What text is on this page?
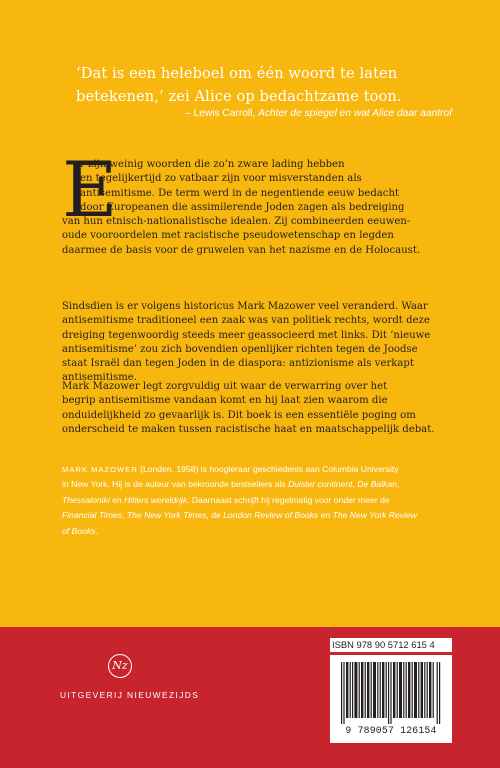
‘Dat is een heleboel om één woord te laten betekenen,’ zei Alice op bedachtzame toon.
– Lewis Carroll, Achter de spiegel en wat Alice daar aantrof
E
r zijn weinig woorden die zo’n zware lading hebben
en tegelijkertijd zo vatbaar zijn voor misverstanden als
antisemitisme. De term werd in de negentiende eeuw bedacht
door Europeanen die assimilerende Joden zagen als bedreiging
van hun etnisch-nationalistische idealen. Zij combineerden eeuwen-
oude vooroordelen met racistische pseudowetenschap en legden
daarmee de basis voor de gruwelen van het nazisme en de Holocaust.
Sindsdien is er volgens historicus Mark Mazower veel veranderd. Waar
antisemitisme traditioneel een zaak was van politiek rechts, wordt deze
dreiging tegenwoordig steeds meer geassocieerd met links. Dit ‘nieuwe
antisemitisme’ zou zich bovendien openlijker richten tegen de Joodse
staat Israël dan tegen Joden in de diaspora: antizionisme als verkapt
antisemitisme.
Mark Mazower legt zorgvuldig uit waar de verwarring over het
begrip antisemitisme vandaan komt en hij laat zien waarom die
onduidelijkheid zo gevaarlijk is. Dit boek is een essentiële poging om
onderscheid te maken tussen racistische haat en maatschappelijk debat.
MARK MAZOWER (Londen, 1958) is hoogleraar geschiedenis aan Columbia University
in New York. Hij is de auteur van bekroonde bestsellers als Duister continent, De Balkan,
Thessaloniki en Hitlers wereldrijk. Daarnaast schrijft hij regelmatig voor onder meer de
Financial Times, The New York Times, de London Review of Books en The New York Review
of Books.
Nz
UITGEVERIJ NIEUWEZIJDS
ISBN 978 90 5712 615 4
9 789057 126154
